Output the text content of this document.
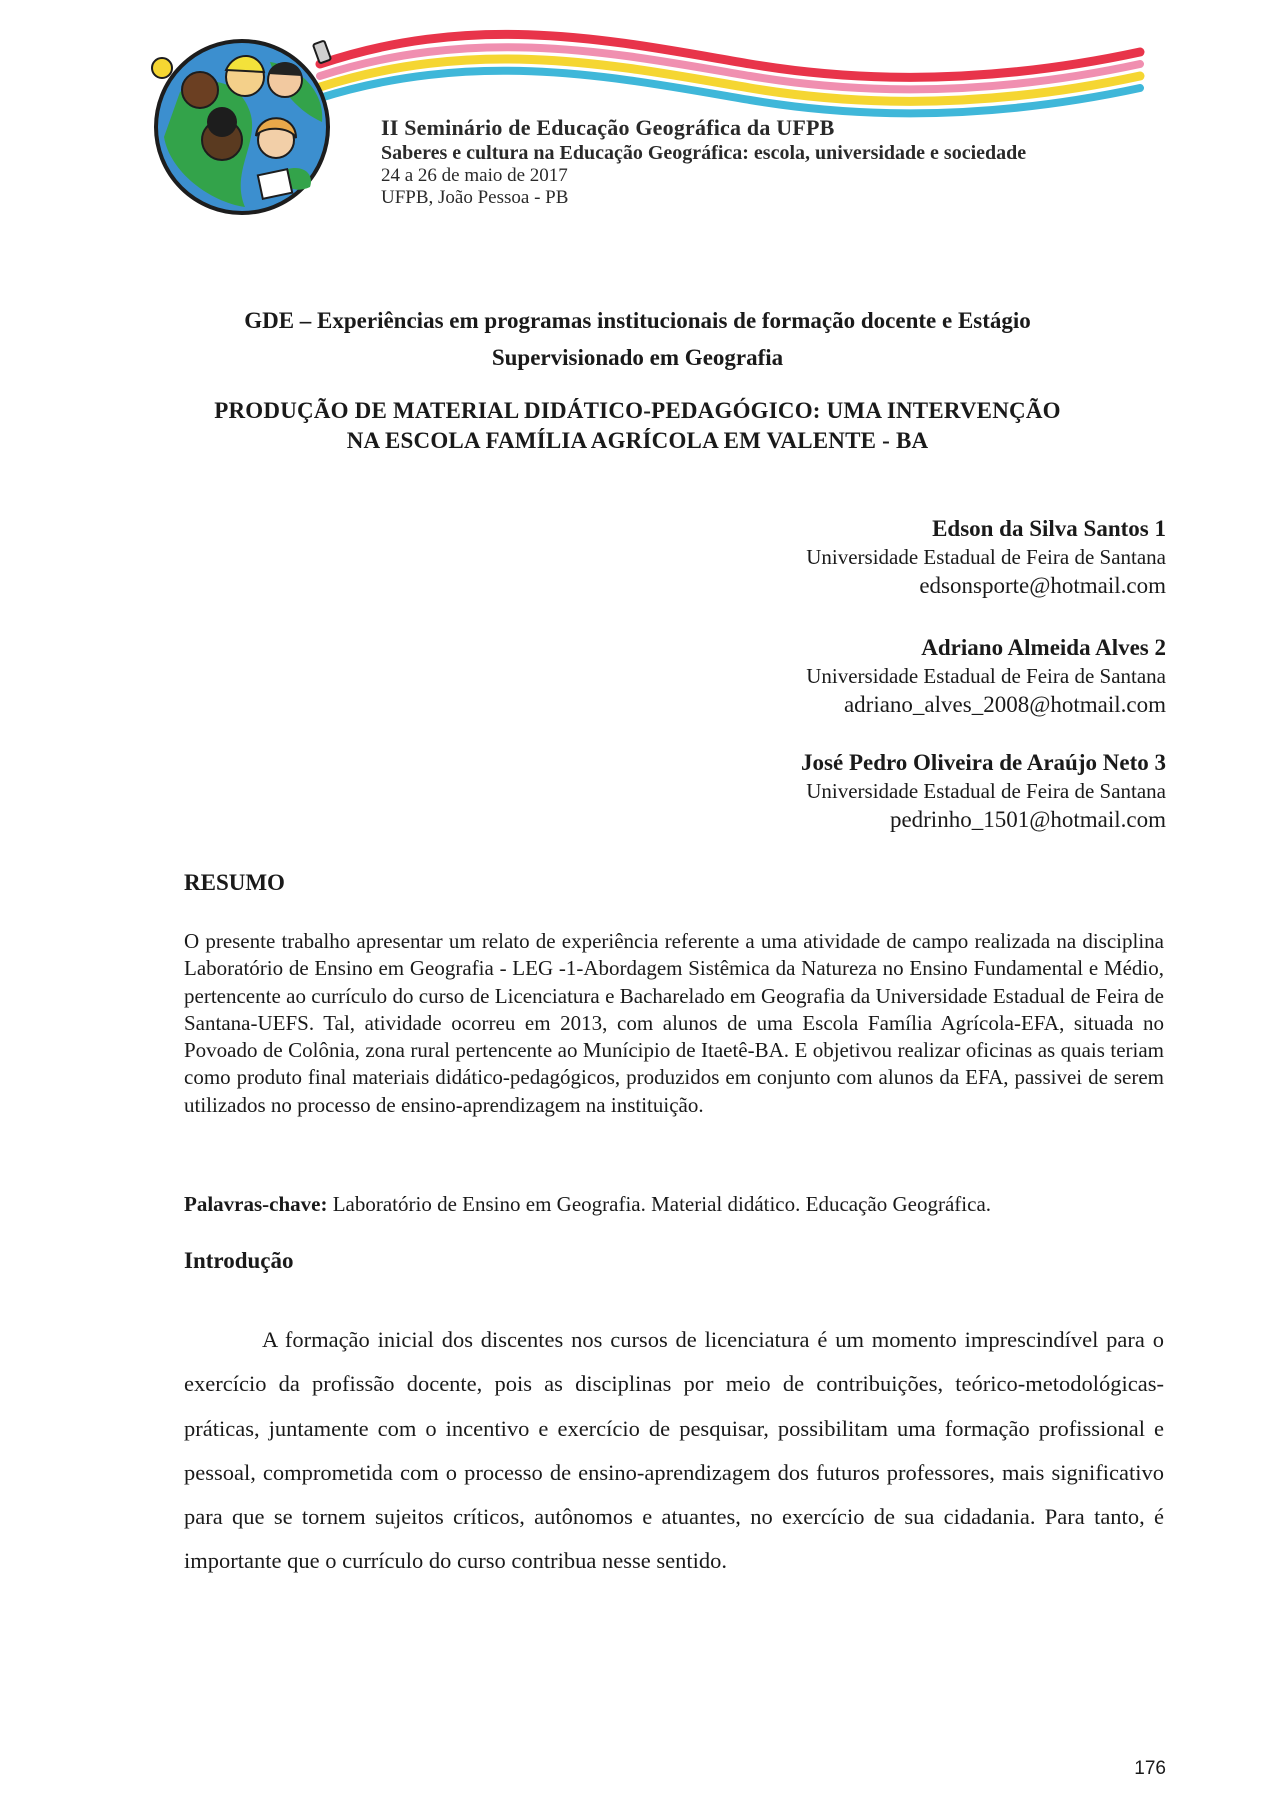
II Seminário de Educação Geográfica da UFPB
Saberes e cultura na Educação Geográfica: escola, universidade e sociedade
24 a 26 de maio de 2017
UFPB, João Pessoa - PB
GDE – Experiências em programas institucionais de formação docente e Estágio
Supervisionado em Geografia
PRODUÇÃO DE MATERIAL DIDÁTICO-PEDAGÓGICO: UMA INTERVENÇÃO
NA ESCOLA FAMÍLIA AGRÍCOLA EM VALENTE - BA
Edson da Silva Santos 1
Universidade Estadual de Feira de Santana
edsonsporte@hotmail.com
Adriano Almeida Alves 2
Universidade Estadual de Feira de Santana
adriano_alves_2008@hotmail.com
José Pedro Oliveira de Araújo Neto 3
Universidade Estadual de Feira de Santana
pedrinho_1501@hotmail.com
RESUMO
O presente trabalho apresentar um relato de experiência referente a uma atividade de campo realizada na disciplina Laboratório de Ensino em Geografia - LEG -1-Abordagem Sistêmica da Natureza no Ensino Fundamental e Médio, pertencente ao currículo do curso de Licenciatura e Bacharelado em Geografia da Universidade Estadual de Feira de Santana-UEFS. Tal, atividade ocorreu em 2013, com alunos de uma Escola Família Agrícola-EFA, situada no Povoado de Colônia, zona rural pertencente ao Munícipio de Itaetê-BA. E objetivou realizar oficinas as quais teriam como produto final materiais didático-pedagógicos, produzidos em conjunto com alunos da EFA, passivei de serem utilizados no processo de ensino-aprendizagem na instituição.
Palavras-chave: Laboratório de Ensino em Geografia. Material didático. Educação Geográfica.
Introdução
A formação inicial dos discentes nos cursos de licenciatura é um momento imprescindível para o exercício da profissão docente, pois as disciplinas por meio de contribuições, teórico-metodológicas-práticas, juntamente com o incentivo e exercício de pesquisar, possibilitam uma formação profissional e pessoal, comprometida com o processo de ensino-aprendizagem dos futuros professores, mais significativo para que se tornem sujeitos críticos, autônomos e atuantes, no exercício de sua cidadania. Para tanto, é importante que o currículo do curso contribua nesse sentido.
176
